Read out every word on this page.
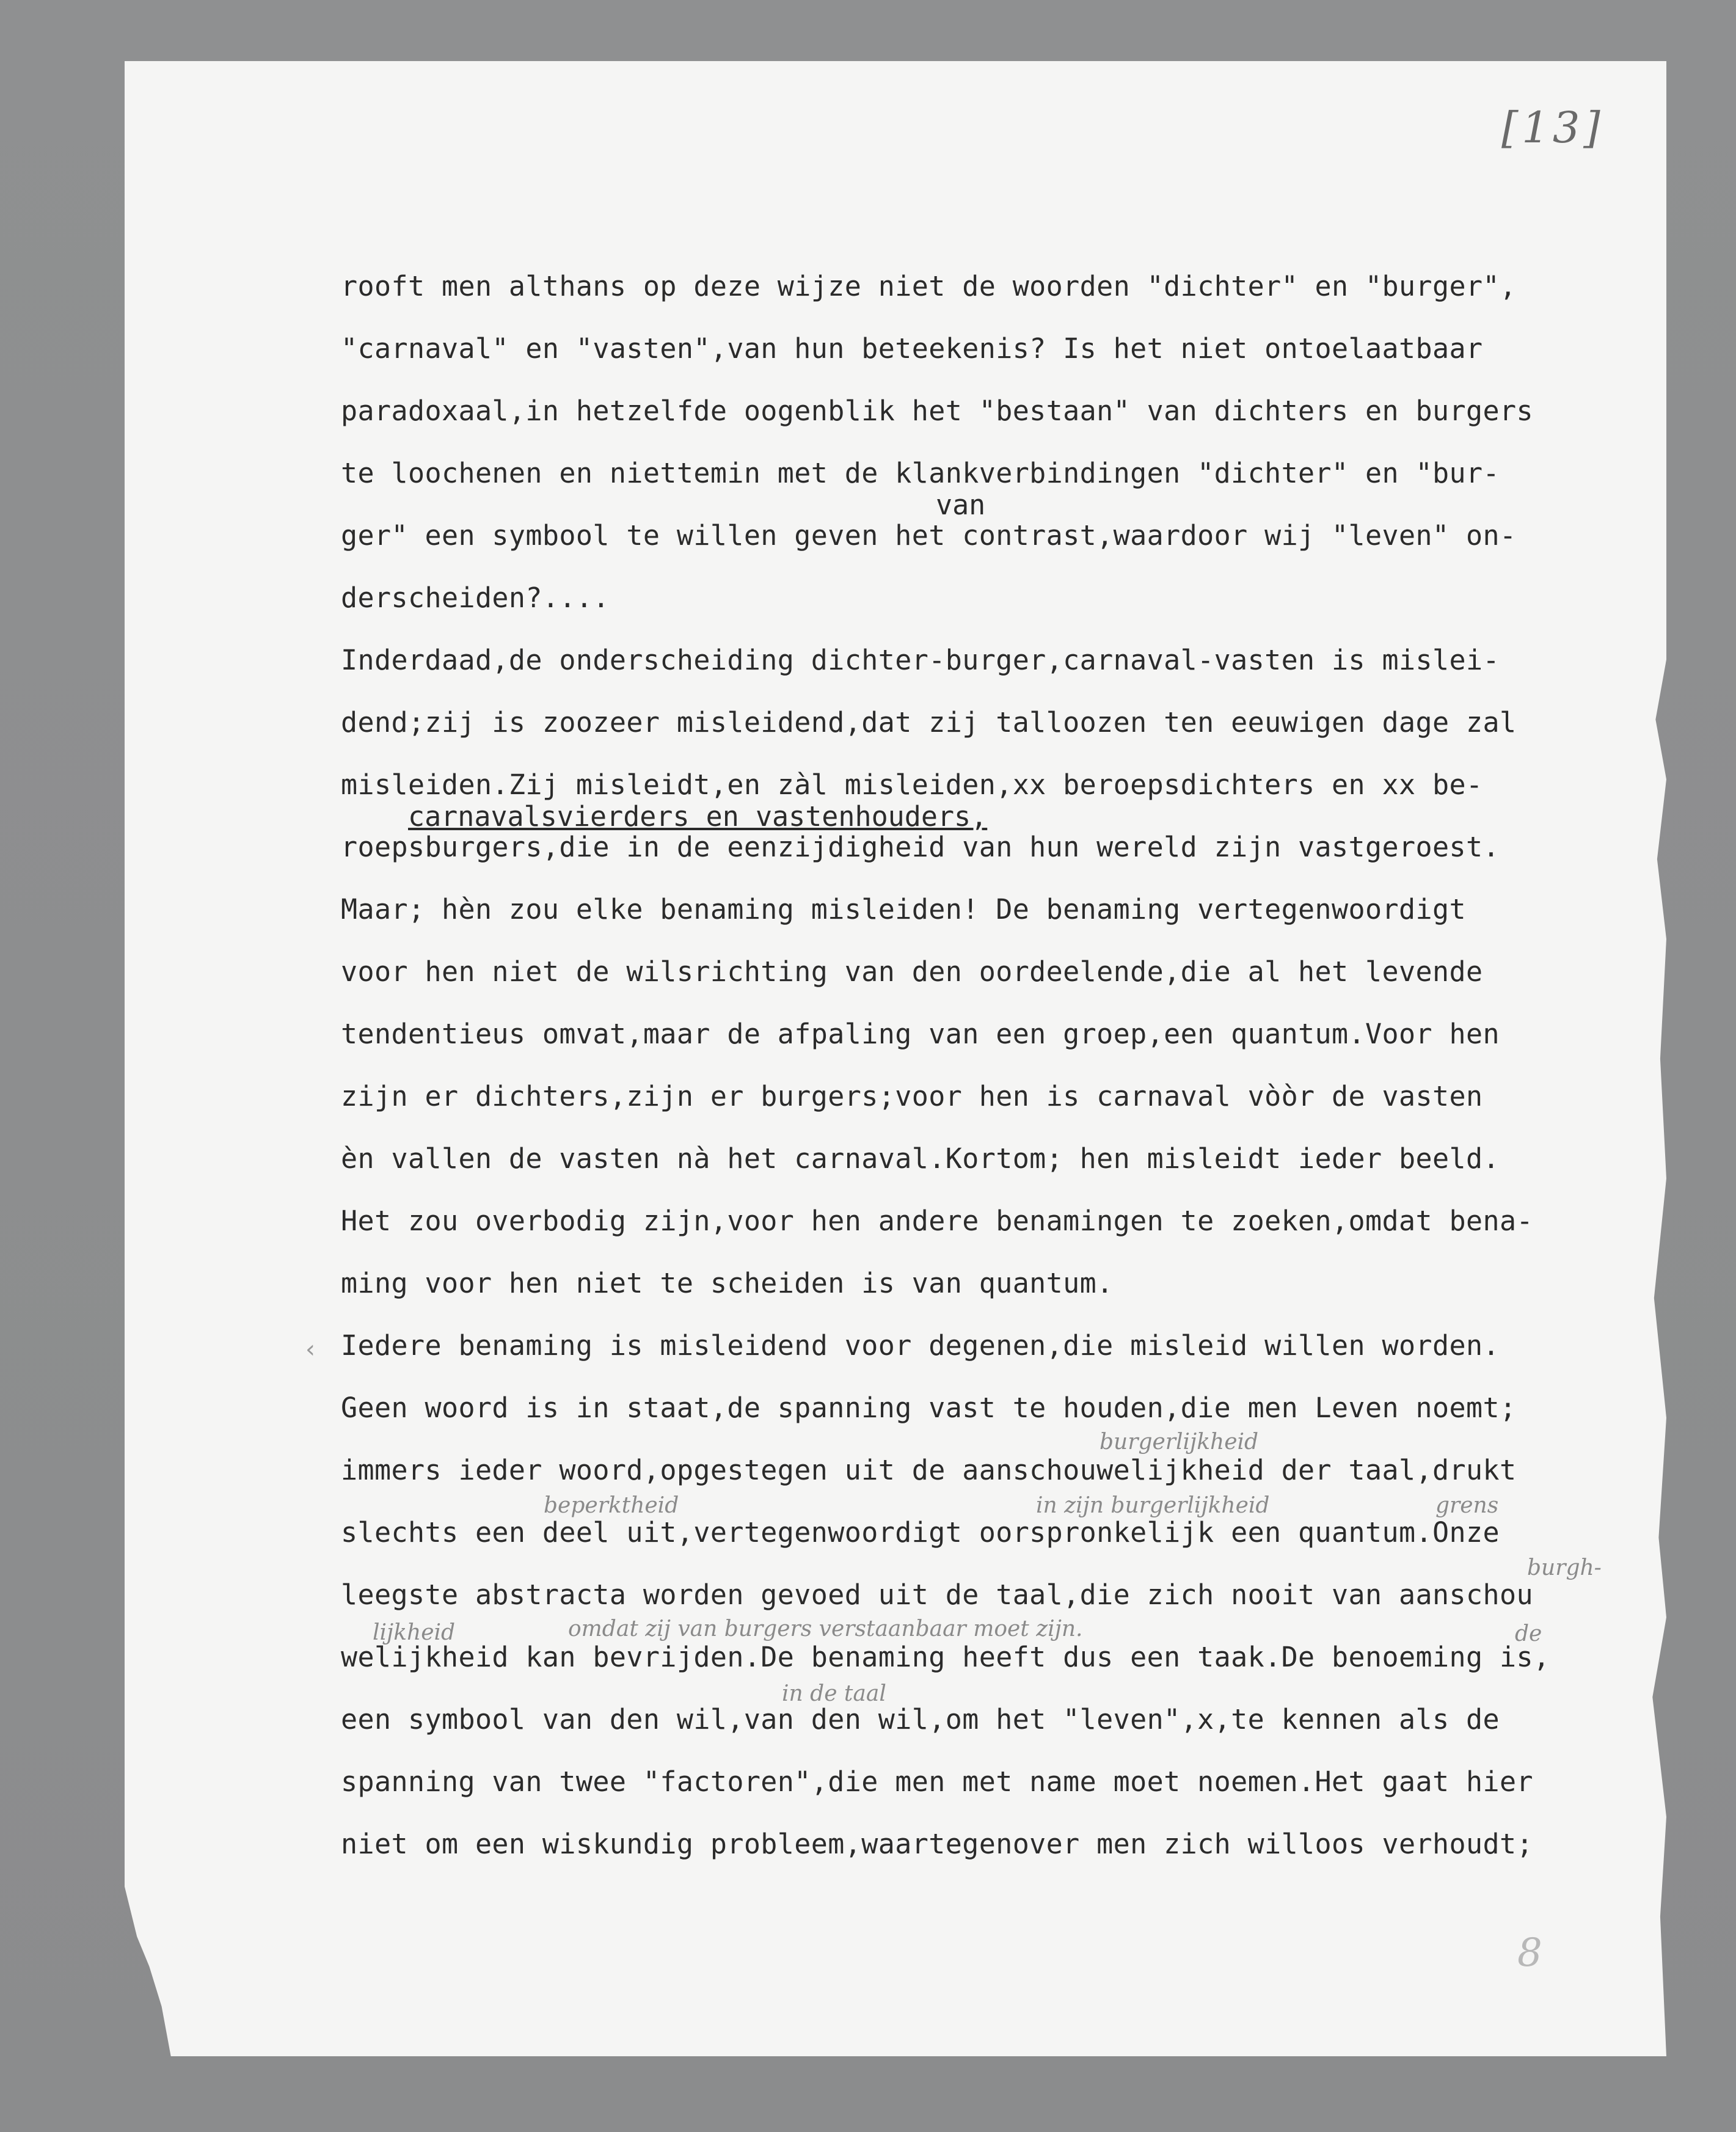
[13]
‹
van
carnavalsvierders en vastenhouders,
burgerlijkheid
beperktheid	in zijn burgerlijkheid	grens
burgh-
lijkheid	omdat zij van burgers verstaanbaar moet zijn.
in de taal
de
rooft men althans op deze wijze niet de woorden "dichter" en "burger",
"carnaval" en "vasten",van hun beteekenis? Is het niet ontoelaatbaar
paradoxaal,in hetzelfde oogenblik het "bestaan" van dichters en burgers
te loochenen en niettemin met de klankverbindingen "dichter" en "bur-
ger" een symbool te willen geven het contrast,waardoor wij "leven" on-
derscheiden?....
Inderdaad,de onderscheiding dichter-burger,carnaval-vasten is mislei-
dend;zij is zoozeer misleidend,dat zij talloozen ten eeuwigen dage zal
misleiden.Zij misleidt,en zàl misleiden,xx beroepsdichters en xx be-
roepsburgers,die in de eenzijdigheid van hun wereld zijn vastgeroest.
Maar; hèn zou elke benaming misleiden! De benaming vertegenwoordigt
voor hen niet de wilsrichting van den oordeelende,die al het levende
tendentieus omvat,maar de afpaling van een groep,een quantum.Voor hen
zijn er dichters,zijn er burgers;voor hen is carnaval vòòr de vasten
èn vallen de vasten nà het carnaval.Kortom; hen misleidt ieder beeld.
Het zou overbodig zijn,voor hen andere benamingen te zoeken,omdat bena-
ming voor hen niet te scheiden is van quantum.
Iedere benaming is misleidend voor degenen,die misleid willen worden.
Geen woord is in staat,de spanning vast te houden,die men Leven noemt;
immers ieder woord,opgestegen uit de aanschouwelijkheid der taal,drukt
slechts een deel uit,vertegenwoordigt oorspronkelijk een quantum.Onze
leegste abstracta worden gevoed uit de taal,die zich nooit van aanschou
welijkheid kan bevrijden.De benaming heeft dus een taak.De benoeming is,
een symbool van den wil,van den wil,om het "leven",x,te kennen als de
spanning van twee "factoren",die men met name moet noemen.Het gaat hier
niet om een wiskundig probleem,waartegenover men zich willoos verhoudt;
8
